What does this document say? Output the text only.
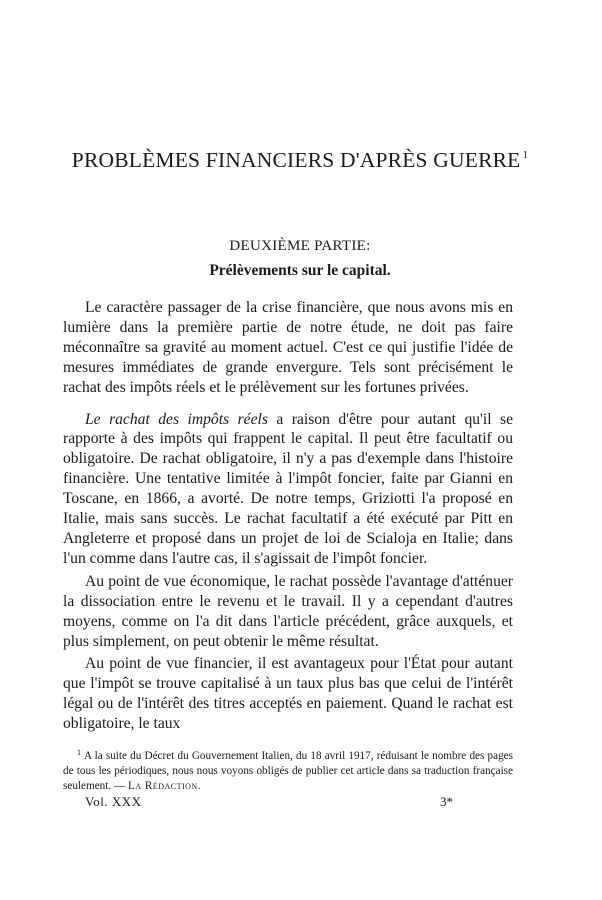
PROBLÈMES FINANCIERS D'APRÈS GUERRE $^1$
DEUXIÈME PARTIE:
Prélèvements sur le capital.

Le caractère passager de la crise financière, que nous avons mis en lumière dans la première partie de notre étude, ne doit pas faire méconnaître sa gravité au moment actuel. C'est ce qui justifie l'idée de mesures immédiates de grande envergure. Tels sont précisément le rachat des impôts réels et le prélèvement sur les fortunes privées.

Le rachat des impôts réels a raison d'être pour autant qu'il se rapporte à des impôts qui frappent le capital. Il peut être facultatif ou obligatoire. De rachat obligatoire, il n'y a pas d'exemple dans l'histoire financière. Une tentative limitée à l'impôt foncier, faite par Gianni en Toscane, en 1866, a avorté. De notre temps, Griziotti l'a proposé en Italie, mais sans succès. Le rachat facultatif a été exécuté par Pitt en Angleterre et proposé dans un projet de loi de Scialoja en Italie; dans l'un comme dans l'autre cas, il s'agissait de l'impôt foncier.

Au point de vue économique, le rachat possède l'avantage d'atténuer la dissociation entre le revenu et le travail. Il y a cependant d'autres moyens, comme on l'a dit dans l'article précédent, grâce auxquels, et plus simplement, on peut obtenir le même résultat.

Au point de vue financier, il est avantageux pour l'État pour autant que l'impôt se trouve capitalisé à un taux plus bas que celui de l'intérêt légal ou de l'intérêt des titres acceptés en paiement. Quand le rachat est obligatoire, le taux

$^1$ A la suite du Décret du Gouvernement Italien, du 18 avril 1917, réduisant le nombre des pages de tous les périodiques, nous nous voyons obligés de publier cet article dans sa traduction française seulement. — La Rédaction.

Vol. XXX	3*
